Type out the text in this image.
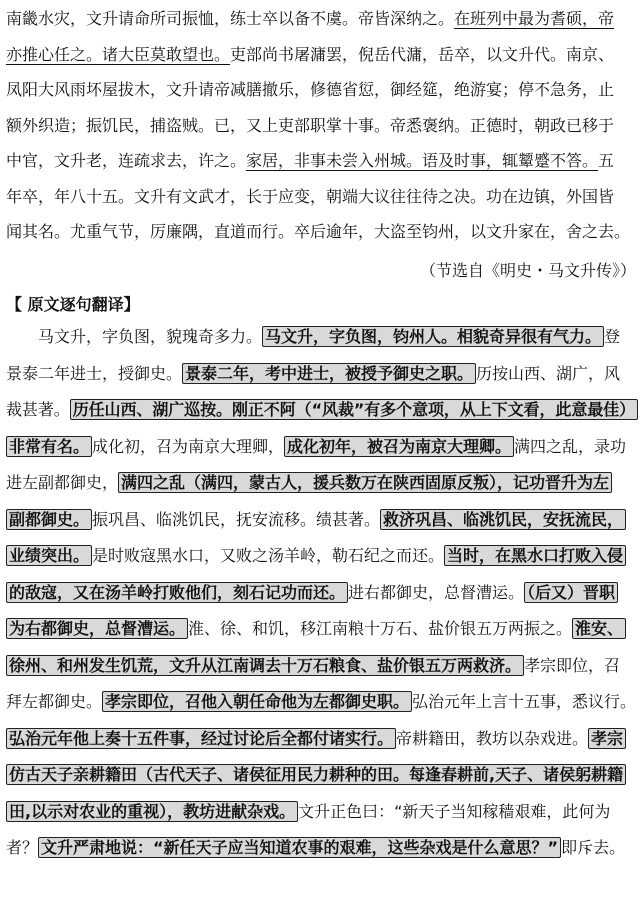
南畿水灾，文升请命所司振恤，练士卒以备不虞。帝皆深纳之。在班列中最为耆硕，帝
亦推心任之。诸大臣莫敢望也。吏部尚书屠滽罢，倪岳代滽，岳卒，以文升代。南京、
凤阳大风雨坏屋拔木，文升请帝减膳撤乐，修德省愆，御经筵，绝游宴；停不急务，止
额外织造；振饥民，捕盗贼。已，又上吏部职掌十事。帝悉褒纳。正德时，朝政已移于
中官，文升老，连疏求去，许之。家居，非事未尝入州城。语及时事，辄颦蹙不答。五
年卒，年八十五。文升有文武才，长于应变，朝端大议往往待之决。功在边镇，外国皆
闻其名。尤重气节，厉廉隅，直道而行。卒后逾年，大盗至钧州，以文升家在，舍之去。
（节选自《明史・马文升传》）
【 原文逐句翻译】
　　马文升，字负图，貌瑰奇多力。 马文升，字负图，钧州人。相貌奇异很有气力。 登
景泰二年进士，授御史。 景泰二年，考中进士，被授予御史之职。 历按山西、湖广，风
裁甚著。 历任山西、湖广巡按。刚正不阿（“风裁”有多个意项，从上下文看，此意最佳）
非常有名。 成化初，召为南京大理卿， 成化初年，被召为南京大理卿。 满四之乱，录功
进左副都御史， 满四之乱（满四，蒙古人，援兵数万在陕西固原反叛），记功晋升为左
副都御史。 振巩昌、临洮饥民，抚安流移。绩甚著。 救济巩昌、临洮饥民，安抚流民，
业绩突出。 是时败寇黑水口，又败之汤羊岭，勒石纪之而还。 当时，在黑水口打败入侵
的敌寇，又在汤羊岭打败他们，刻石记功而还。 进右都御史，总督漕运。 （后又）晋职
为右都御史，总督漕运。 淮、徐、和饥，移江南粮十万石、盐价银五万两振之。 淮安、
徐州、和州发生饥荒，文升从江南调去十万石粮食、盐价银五万两救济。 孝宗即位，召
拜左都御史。 孝宗即位，召他入朝任命他为左都御史职。 弘治元年上言十五事，悉议行。
弘治元年他上奏十五件事，经过讨论后全都付诸实行。 帝耕籍田，教坊以杂戏进。 孝宗
仿古天子亲耕籍田（古代天子、诸侯征用民力耕种的田。每逢春耕前,天子、诸侯躬耕籍
田,以示对农业的重视），教坊进献杂戏。 文升正色曰：“新天子当知稼穑艰难，此何为
者？ 文升严肃地说：“新任天子应当知道农事的艰难，这些杂戏是什么意思？” 即斥去。
